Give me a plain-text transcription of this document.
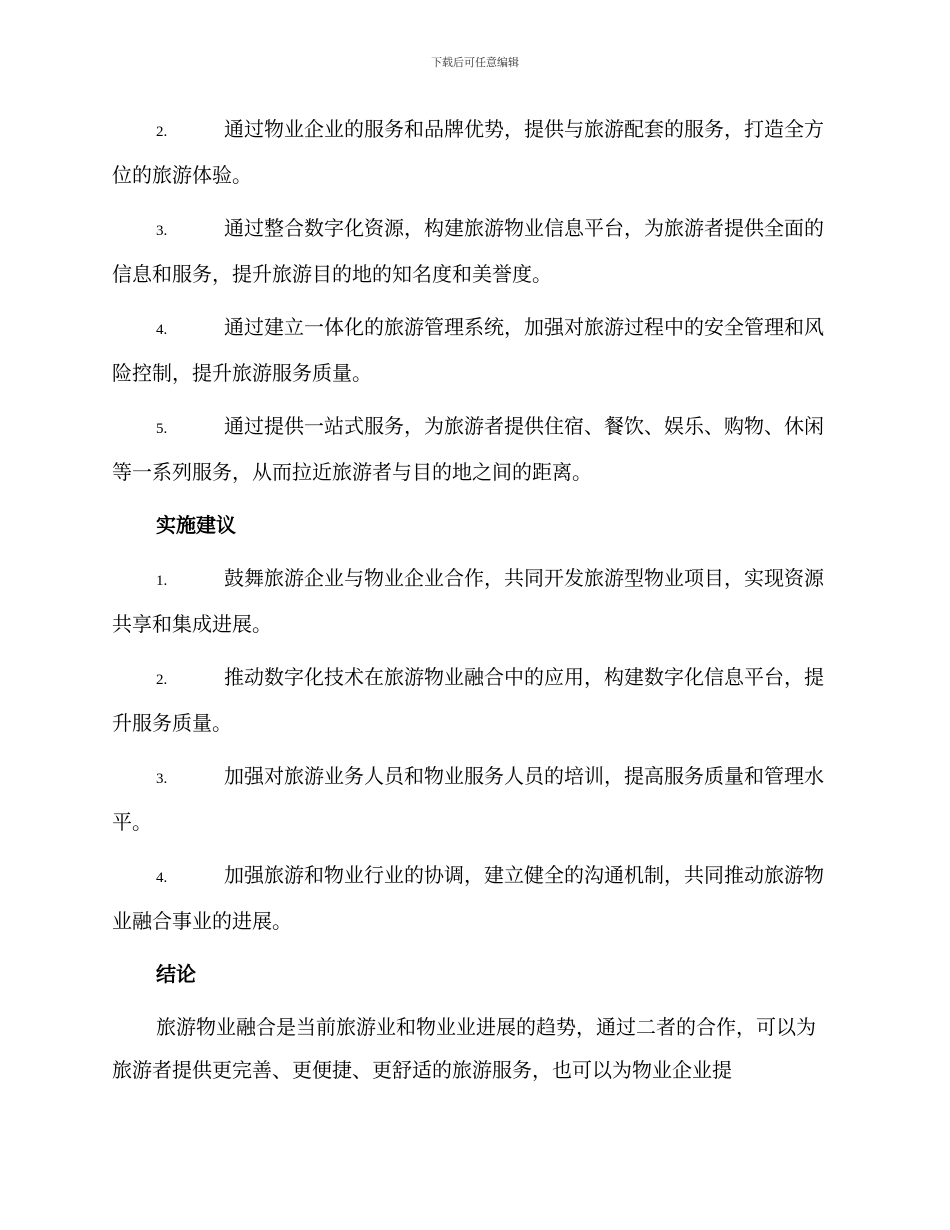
下载后可任意编辑
2.	通过物业企业的服务和品牌优势，提供与旅游配套的服务，打造全方位的旅游体验。
3.	通过整合数字化资源，构建旅游物业信息平台，为旅游者提供全面的信息和服务，提升旅游目的地的知名度和美誉度。
4.	通过建立一体化的旅游管理系统，加强对旅游过程中的安全管理和风险控制，提升旅游服务质量。
5.	通过提供一站式服务，为旅游者提供住宿、餐饮、娱乐、购物、休闲等一系列服务，从而拉近旅游者与目的地之间的距离。
实施建议
1.	鼓舞旅游企业与物业企业合作，共同开发旅游型物业项目，实现资源共享和集成进展。
2.	推动数字化技术在旅游物业融合中的应用，构建数字化信息平台，提升服务质量。
3.	加强对旅游业务人员和物业服务人员的培训，提高服务质量和管理水平。
4.	加强旅游和物业行业的协调，建立健全的沟通机制，共同推动旅游物业融合事业的进展。
结论
旅游物业融合是当前旅游业和物业业进展的趋势，通过二者的合作，可以为旅游者提供更完善、更便捷、更舒适的旅游服务，也可以为物业企业提
